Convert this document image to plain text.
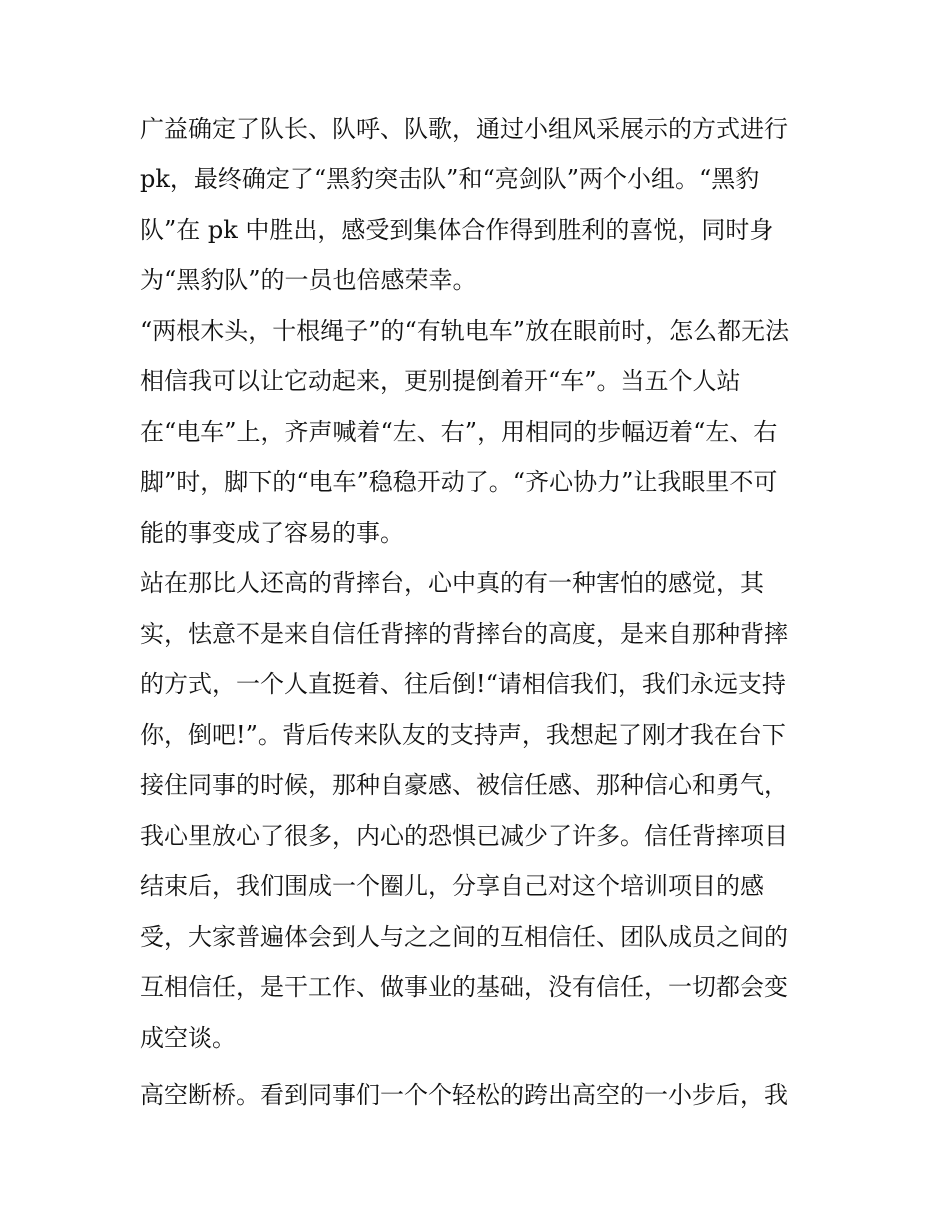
广益确定了队长、队呼、队歌，通过小组风采展示的方式进行
pk，最终确定了“黑豹突击队”和“亮剑队”两个小组。“黑豹
队”在 pk 中胜出，感受到集体合作得到胜利的喜悦，同时身
为“黑豹队”的一员也倍感荣幸。
“两根木头，十根绳子”的“有轨电车”放在眼前时，怎么都无法
相信我可以让它动起来，更别提倒着开“车”。当五个人站
在“电车”上，齐声喊着“左、右”，用相同的步幅迈着“左、右
脚”时，脚下的“电车”稳稳开动了。“齐心协力”让我眼里不可
能的事变成了容易的事。
站在那比人还高的背摔台，心中真的有一种害怕的感觉，其
实，怯意不是来自信任背摔的背摔台的高度，是来自那种背摔
的方式，一个人直挺着、往后倒!“请相信我们，我们永远支持
你，倒吧!”。背后传来队友的支持声，我想起了刚才我在台下
接住同事的时候，那种自豪感、被信任感、那种信心和勇气，
我心里放心了很多，内心的恐惧已减少了许多。信任背摔项目
结束后，我们围成一个圈儿，分享自己对这个培训项目的感
受，大家普遍体会到人与之之间的互相信任、团队成员之间的
互相信任，是干工作、做事业的基础，没有信任，一切都会变
成空谈。
高空断桥。看到同事们一个个轻松的跨出高空的一小步后，我
